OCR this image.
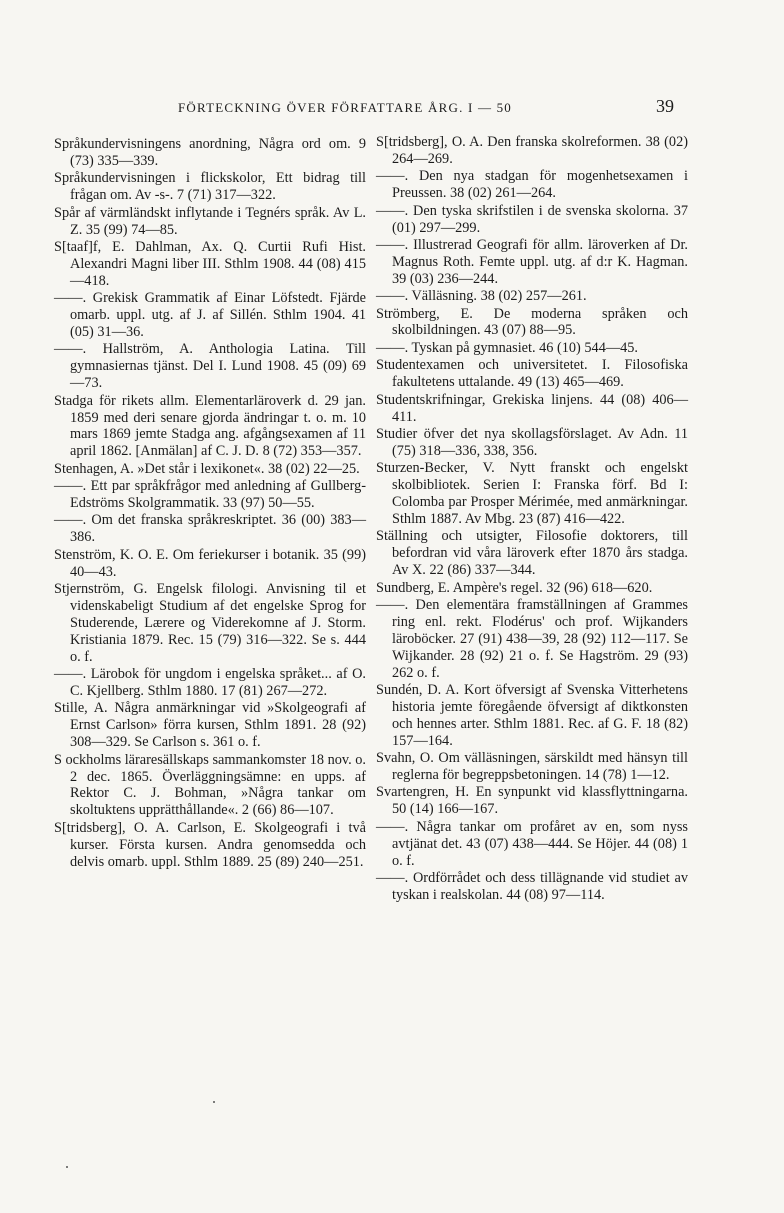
FÖRTECKNING ÖVER FÖRFATTARE ÅRG. I — 50	39

Språkundervisningens anordning, Några ord om. 9 (73) 335—339.

Språkundervisningen i flickskolor, Ett bidrag till frågan om. Av -s-. 7 (71) 317—322.

Spår af värmländskt inflytande i Tegnérs språk. Av L. Z. 35 (99) 74—85.

S[taaf]f, E. Dahlman, Ax. Q. Curtii Rufi Hist. Alexandri Magni liber III. Sthlm 1908. 44 (08) 415—418.

——. Grekisk Grammatik af Einar Löfstedt. Fjärde omarb. uppl. utg. af J. af Sillén. Sthlm 1904. 41 (05) 31—36.

——. Hallström, A. Anthologia Latina. Till gymnasiernas tjänst. Del I. Lund 1908. 45 (09) 69—73.

Stadga för rikets allm. Elementarläroverk d. 29 jan. 1859 med deri senare gjorda ändringar t. o. m. 10 mars 1869 jemte Stadga ang. afgångsexamen af 11 april 1862. [Anmälan] af C. J. D. 8 (72) 353—357.

Stenhagen, A. »Det står i lexikonet«. 38 (02) 22—25.

——. Ett par språkfrågor med anledning af Gullberg-Edströms Skolgrammatik. 33 (97) 50—55.

——. Om det franska språkreskriptet. 36 (00) 383—386.

Stenström, K. O. E. Om feriekurser i botanik. 35 (99) 40—43.

Stjernström, G. Engelsk filologi. Anvisning til et videnskabeligt Studium af det engelske Sprog for Studerende, Lærere og Viderekomne af J. Storm. Kristiania 1879. Rec. 15 (79) 316—322. Se s. 444 o. f.

——. Lärobok för ungdom i engelska språket... af O. C. Kjellberg. Sthlm 1880. 17 (81) 267—272.

Stille, A. Några anmärkningar vid »Skolgeografi af Ernst Carlson» förra kursen, Sthlm 1891. 28 (92) 308—329. Se Carlson s. 361 o. f.

S ockholms läraresällskaps sammankomster 18 nov. o. 2 dec. 1865. Överläggningsämne: en upps. af Rektor C. J. Bohman, »Några tankar om skoltuktens upprätthållande«. 2 (66) 86—107.

S[tridsberg], O. A. Carlson, E. Skolgeografi i två kurser. Första kursen. Andra genomsedda och delvis omarb. uppl. Sthlm 1889. 25 (89) 240—251.

S[tridsberg], O. A. Den franska skolreformen. 38 (02) 264—269.

——. Den nya stadgan för mogenhetsexamen i Preussen. 38 (02) 261—264.

——. Den tyska skrifstilen i de svenska skolorna. 37 (01) 297—299.

——. Illustrerad Geografi för allm. läroverken af Dr. Magnus Roth. Femte uppl. utg. af d:r K. Hagman. 39 (03) 236—244.

——. Välläsning. 38 (02) 257—261.

Strömberg, E. De moderna språken och skolbildningen. 43 (07) 88—95.

——. Tyskan på gymnasiet. 46 (10) 544—45.

Studentexamen och universitetet. I. Filosofiska fakultetens uttalande. 49 (13) 465—469.

Studentskrifningar, Grekiska linjens. 44 (08) 406—411.

Studier öfver det nya skollagsförslaget. Av Adn. 11 (75) 318—336, 338, 356.

Sturzen-Becker, V. Nytt franskt och engelskt skolbibliotek. Serien I: Franska förf. Bd I: Colomba par Prosper Mérimée, med anmärkningar. Sthlm 1887. Av Mbg. 23 (87) 416—422.

Ställning och utsigter, Filosofie doktorers, till befordran vid våra läroverk efter 1870 års stadga. Av X. 22 (86) 337—344.

Sundberg, E. Ampère's regel. 32 (96) 618—620.

——. Den elementära framställningen af Grammes ring enl. rekt. Flodérus' och prof. Wijkanders läroböcker. 27 (91) 438—39, 28 (92) 112—117. Se Wijkander. 28 (92) 21 o. f. Se Hagström. 29 (93) 262 o. f.

Sundén, D. A. Kort öfversigt af Svenska Vitterhetens historia jemte föregående öfversigt af diktkonsten och hennes arter. Sthlm 1881. Rec. af G. F. 18 (82) 157—164.

Svahn, O. Om välläsningen, särskildt med hänsyn till reglerna för begreppsbetoningen. 14 (78) 1—12.

Svartengren, H. En synpunkt vid klassflyttningarna. 50 (14) 166—167.

——. Några tankar om profåret av en, som nyss avtjänat det. 43 (07) 438—444. Se Höjer. 44 (08) 1 o. f.

——. Ordförrådet och dess tillägnande vid studiet av tyskan i realskolan. 44 (08) 97—114.
